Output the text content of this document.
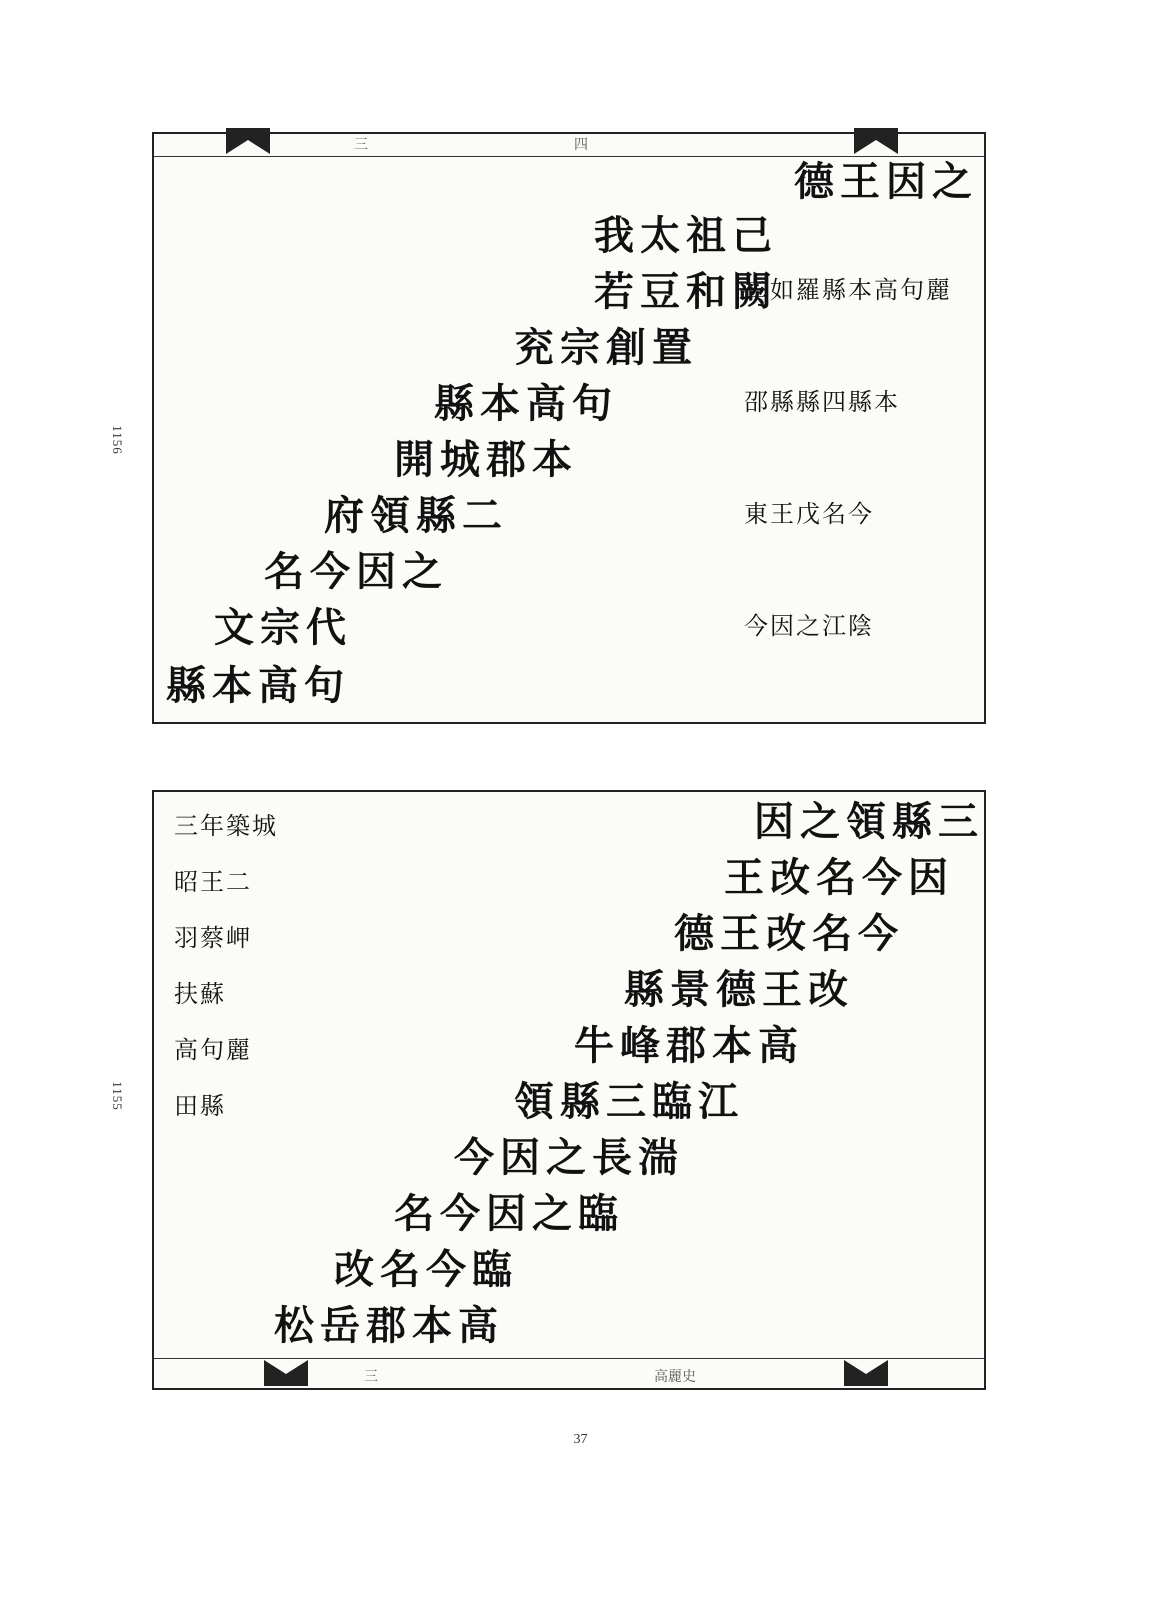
1156
1155
三	四
德王因之
我太祖己
若豆和闕
兖宗創置
縣本高句
開城郡本
府領縣二
名今因之
文宗代
縣本高句
二如羅縣本高句麗
邵縣縣四縣本
東王戊名今
今因之江陰
高麗史
三
因之領縣三
王改名今因
德王改名今
縣景德王改
牛峰郡本高
領縣三臨江
今因之長湍
名今因之臨
改名今臨
松岳郡本高
三年築城
昭王二
羽蔡岬
扶蘇
高句麗
田縣
37
